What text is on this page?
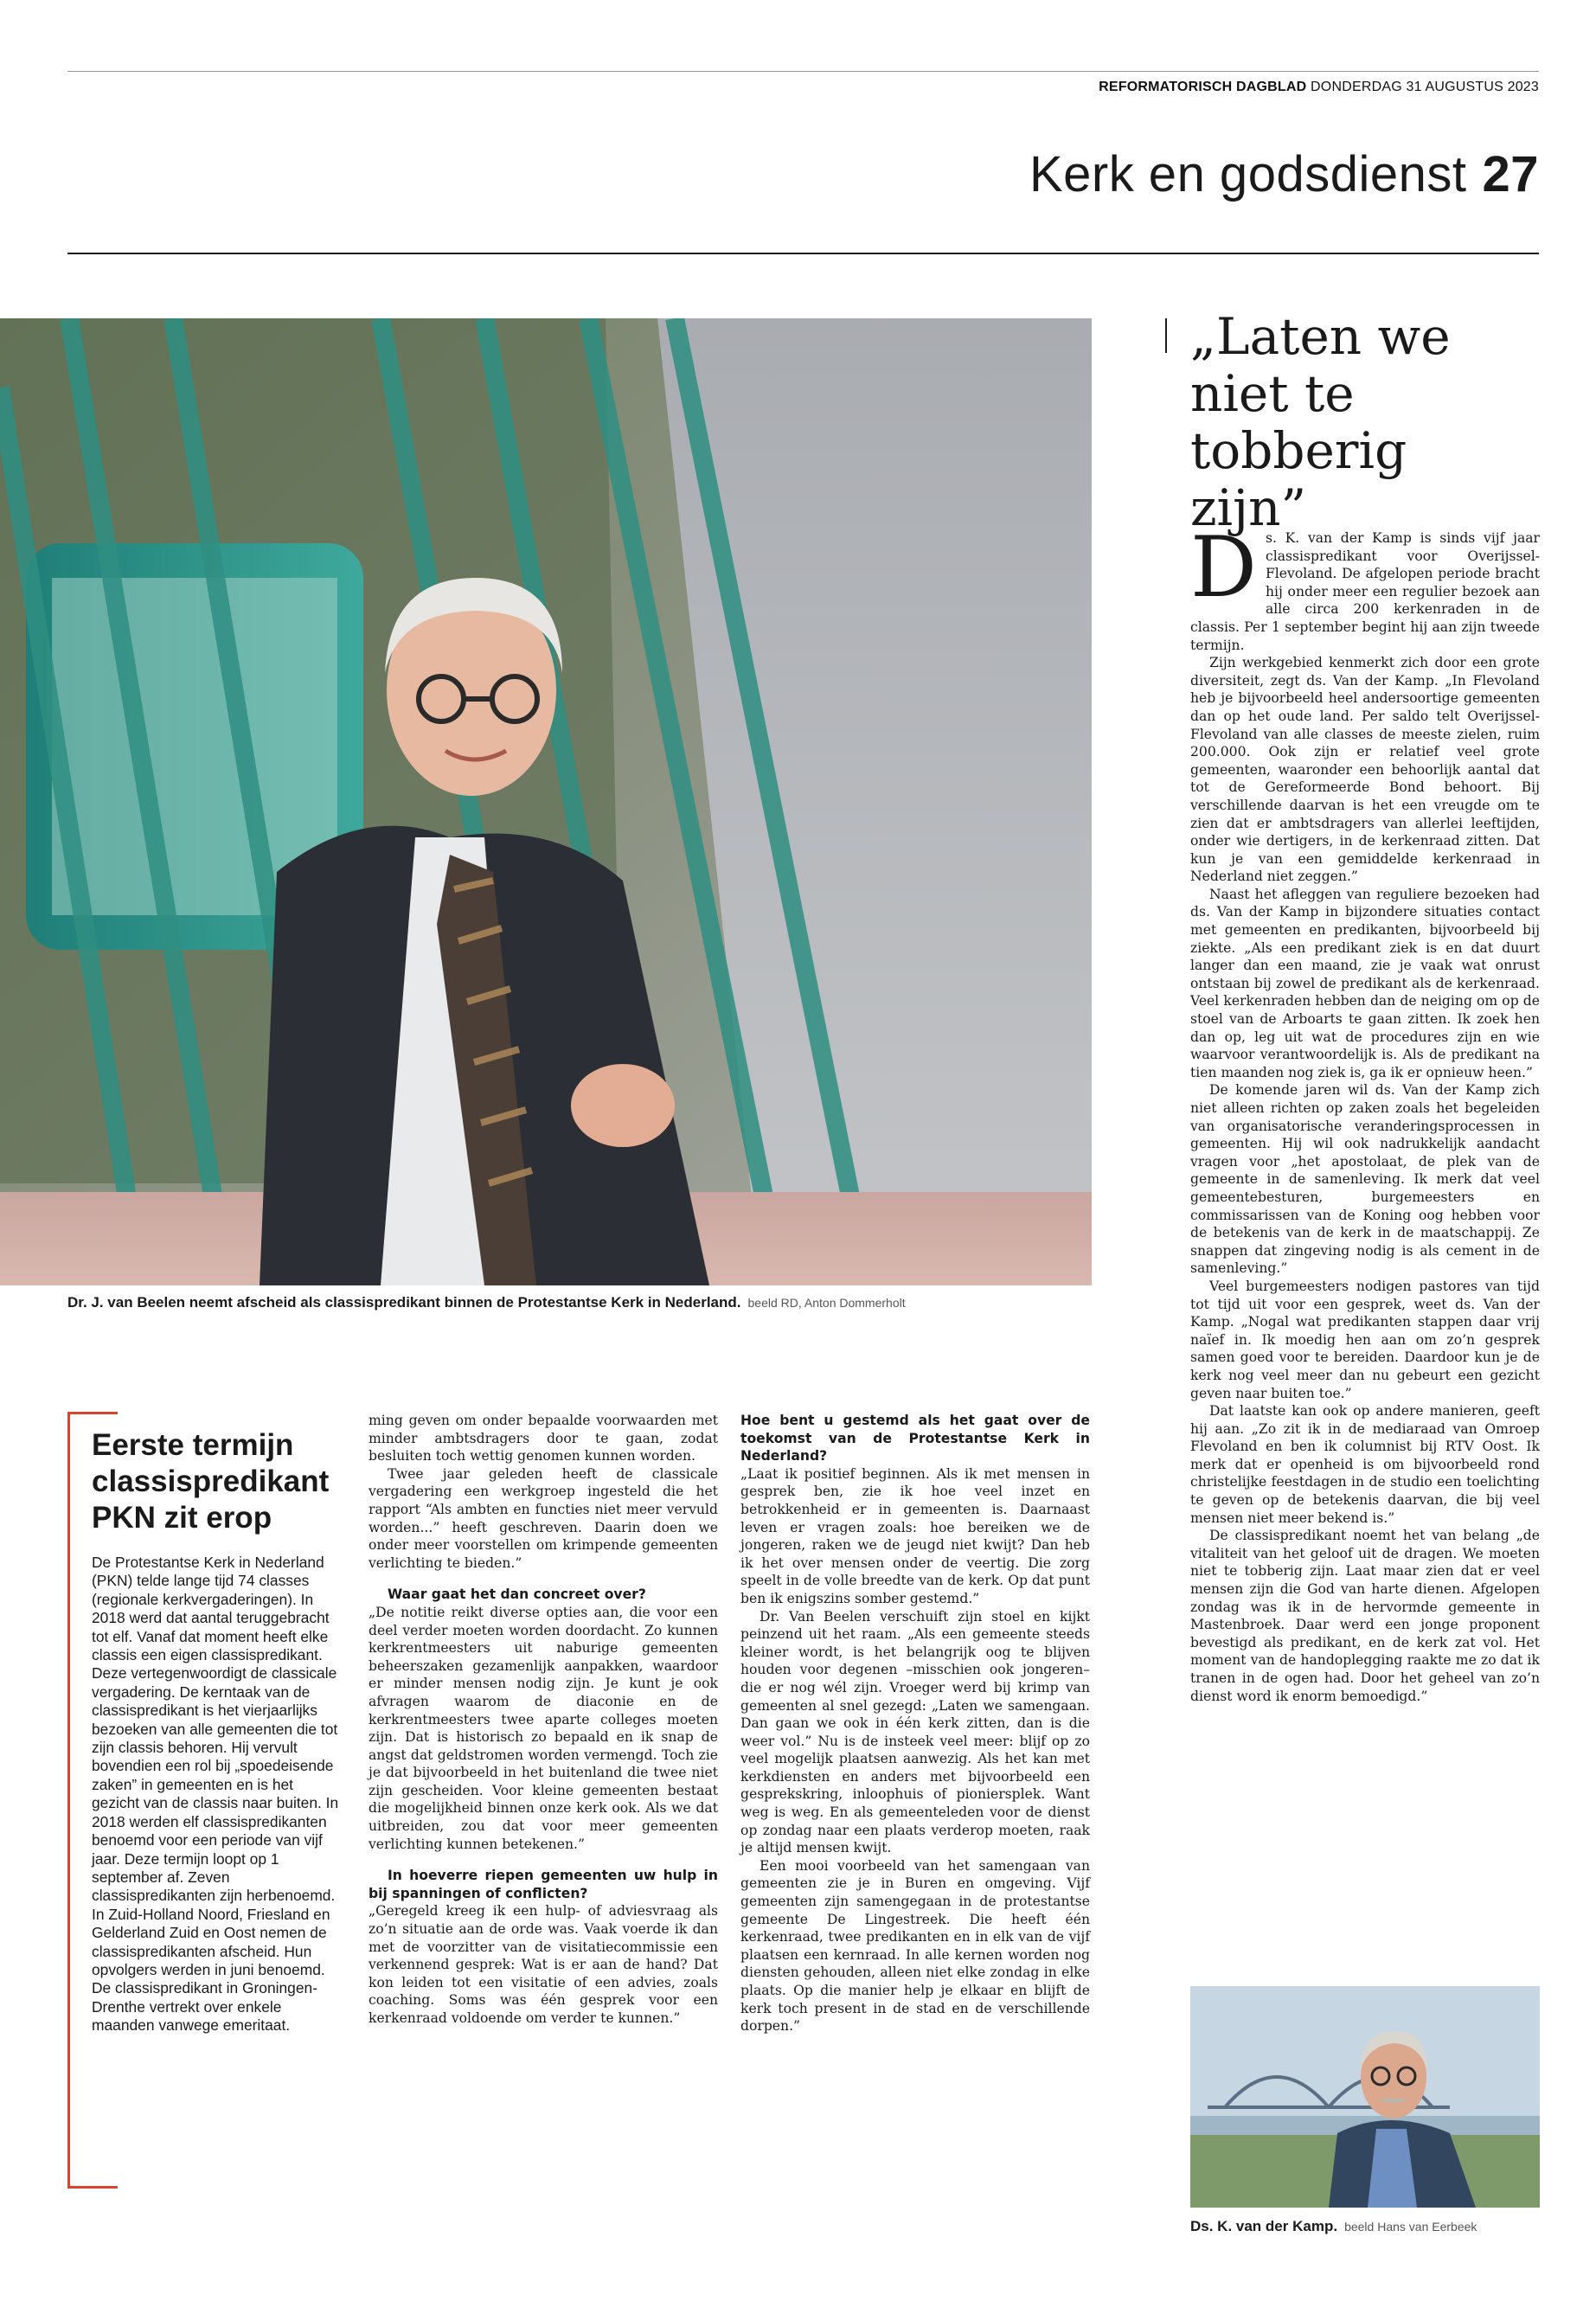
REFORMATORISCH DAGBLAD DONDERDAG 31 AUGUSTUS 2023
Kerk en godsdienst 27
Dr. J. van Beelen neemt afscheid als classispredikant binnen de Protestantse Kerk in Nederland. beeld RD, Anton Dommerholt
„Laten we niet te tobberig zijn”

Ds. K. van der Kamp is sinds vijf jaar classispredikant voor Overijssel-Flevoland. De afgelopen periode bracht hij onder meer een regulier bezoek aan alle circa 200 kerkenraden in de classis. Per 1 september begint hij aan zijn tweede termijn.

Zijn werkgebied kenmerkt zich door een grote diversiteit, zegt ds. Van der Kamp. „In Flevoland heb je bijvoorbeeld heel andersoortige gemeenten dan op het oude land. Per saldo telt Overijssel-Flevoland van alle classes de meeste zielen, ruim 200.000. Ook zijn er relatief veel grote gemeenten, waaronder een behoorlijk aantal dat tot de Gereformeerde Bond behoort. Bij verschillende daarvan is het een vreugde om te zien dat er ambtsdragers van allerlei leeftijden, onder wie dertigers, in de kerkenraad zitten. Dat kun je van een gemiddelde kerkenraad in Nederland niet zeggen.”

Naast het afleggen van reguliere bezoeken had ds. Van der Kamp in bijzondere situaties contact met gemeenten en predikanten, bijvoorbeeld bij ziekte. „Als een predikant ziek is en dat duurt langer dan een maand, zie je vaak wat onrust ontstaan bij zowel de predikant als de kerkenraad. Veel kerkenraden hebben dan de neiging om op de stoel van de Arboarts te gaan zitten. Ik zoek hen dan op, leg uit wat de procedures zijn en wie waarvoor verantwoordelijk is. Als de predikant na tien maanden nog ziek is, ga ik er opnieuw heen.”

De komende jaren wil ds. Van der Kamp zich niet alleen richten op zaken zoals het begeleiden van organisatorische veranderingsprocessen in gemeenten. Hij wil ook nadrukkelijk aandacht vragen voor „het apostolaat, de plek van de gemeente in de samenleving. Ik merk dat veel gemeentebesturen, burgemeesters en commissarissen van de Koning oog hebben voor de betekenis van de kerk in de maatschappij. Ze snappen dat zingeving nodig is als cement in de samenleving.”

Veel burgemeesters nodigen pastores van tijd tot tijd uit voor een gesprek, weet ds. Van der Kamp. „Nogal wat predikanten stappen daar vrij naïef in. Ik moedig hen aan om zo’n gesprek samen goed voor te bereiden. Daardoor kun je de kerk nog veel meer dan nu gebeurt een gezicht geven naar buiten toe.”

Dat laatste kan ook op andere manieren, geeft hij aan. „Zo zit ik in de mediaraad van Omroep Flevoland en ben ik columnist bij RTV Oost. Ik merk dat er openheid is om bijvoorbeeld rond christelijke feestdagen in de studio een toelichting te geven op de betekenis daarvan, die bij veel mensen niet meer bekend is.”

De classispredikant noemt het van belang „de vitaliteit van het geloof uit de dragen. We moeten niet te tobberig zijn. Laat maar zien dat er veel mensen zijn die God van harte dienen. Afgelopen zondag was ik in de hervormde gemeente in Mastenbroek. Daar werd een jonge proponent bevestigd als predikant, en de kerk zat vol. Het moment van de handoplegging raakte me zo dat ik tranen in de ogen had. Door het geheel van zo’n dienst word ik enorm bemoedigd.”

Ds. K. van der Kamp. beeld Hans van Eerbeek
Eerste termijn classispredikant PKN zit erop

De Protestantse Kerk in Nederland (PKN) telde lange tijd 74 classes (regionale kerkvergaderingen). In 2018 werd dat aantal teruggebracht tot elf. Vanaf dat moment heeft elke classis een eigen classispredikant. Deze vertegenwoordigt de classicale vergadering. De kerntaak van de classispredikant is het vierjaarlijks bezoeken van alle gemeenten die tot zijn classis behoren. Hij vervult bovendien een rol bij „spoedeisende zaken” in gemeenten en is het gezicht van de classis naar buiten. In 2018 werden elf classispredikanten benoemd voor een periode van vijf jaar. Deze termijn loopt op 1 september af. Zeven classispredikanten zijn herbenoemd. In Zuid-Holland Noord, Friesland en Gelderland Zuid en Oost nemen de classispredikanten afscheid. Hun opvolgers werden in juni benoemd. De classispredikant in Groningen-Drenthe vertrekt over enkele maanden vanwege emeritaat.

ming geven om onder bepaalde voorwaarden met minder ambtsdragers door te gaan, zodat besluiten toch wettig genomen kunnen worden.

Twee jaar geleden heeft de classicale vergadering een werkgroep ingesteld die het rapport “Als ambten en functies niet meer vervuld worden...” heeft geschreven. Daarin doen we onder meer voorstellen om krimpende gemeenten verlichting te bieden.”

Waar gaat het dan concreet over?

„De notitie reikt diverse opties aan, die voor een deel verder moeten worden doordacht. Zo kunnen kerkrentmeesters uit naburige gemeenten beheerszaken gezamenlijk aanpakken, waardoor er minder mensen nodig zijn. Je kunt je ook afvragen waarom de diaconie en de kerkrentmeesters twee aparte colleges moeten zijn. Dat is historisch zo bepaald en ik snap de angst dat geldstromen worden vermengd. Toch zie je dat bijvoorbeeld in het buitenland die twee niet zijn gescheiden. Voor kleine gemeenten bestaat die mogelijkheid binnen onze kerk ook. Als we dat uitbreiden, zou dat voor meer gemeenten verlichting kunnen betekenen.”

In hoeverre riepen gemeenten uw hulp in bij spanningen of conflicten?

„Geregeld kreeg ik een hulp- of adviesvraag als zo’n situatie aan de orde was. Vaak voerde ik dan met de voorzitter van de visitatiecommissie een verkennend gesprek: Wat is er aan de hand? Dat kon leiden tot een visitatie of een advies, zoals coaching. Soms was één gesprek voor een kerkenraad voldoende om verder te kunnen.”

Hoe bent u gestemd als het gaat over de toekomst van de Protestantse Kerk in Nederland?

„Laat ik positief beginnen. Als ik met mensen in gesprek ben, zie ik hoe veel inzet en betrokkenheid er in gemeenten is. Daarnaast leven er vragen zoals: hoe bereiken we de jongeren, raken we de jeugd niet kwijt? Dan heb ik het over mensen onder de veertig. Die zorg speelt in de volle breedte van de kerk. Op dat punt ben ik enigszins somber gestemd.”

Dr. Van Beelen verschuift zijn stoel en kijkt peinzend uit het raam. „Als een gemeente steeds kleiner wordt, is het belangrijk oog te blijven houden voor degenen –misschien ook jongeren– die er nog wél zijn. Vroeger werd bij krimp van gemeenten al snel gezegd: „Laten we samengaan. Dan gaan we ook in één kerk zitten, dan is die weer vol.” Nu is de insteek veel meer: blijf op zo veel mogelijk plaatsen aanwezig. Als het kan met kerkdiensten en anders met bijvoorbeeld een gesprekskring, inloophuis of pioniersplek. Want weg is weg. En als gemeenteleden voor de dienst op zondag naar een plaats verderop moeten, raak je altijd mensen kwijt.

Een mooi voorbeeld van het samengaan van gemeenten zie je in Buren en omgeving. Vijf gemeenten zijn samengegaan in de protestantse gemeente De Lingestreek. Die heeft één kerkenraad, twee predikanten en in elk van de vijf plaatsen een kernraad. In alle kernen worden nog diensten gehouden, alleen niet elke zondag in elke plaats. Op die manier help je elkaar en blijft de kerk toch present in de stad en de verschillende dorpen.”
